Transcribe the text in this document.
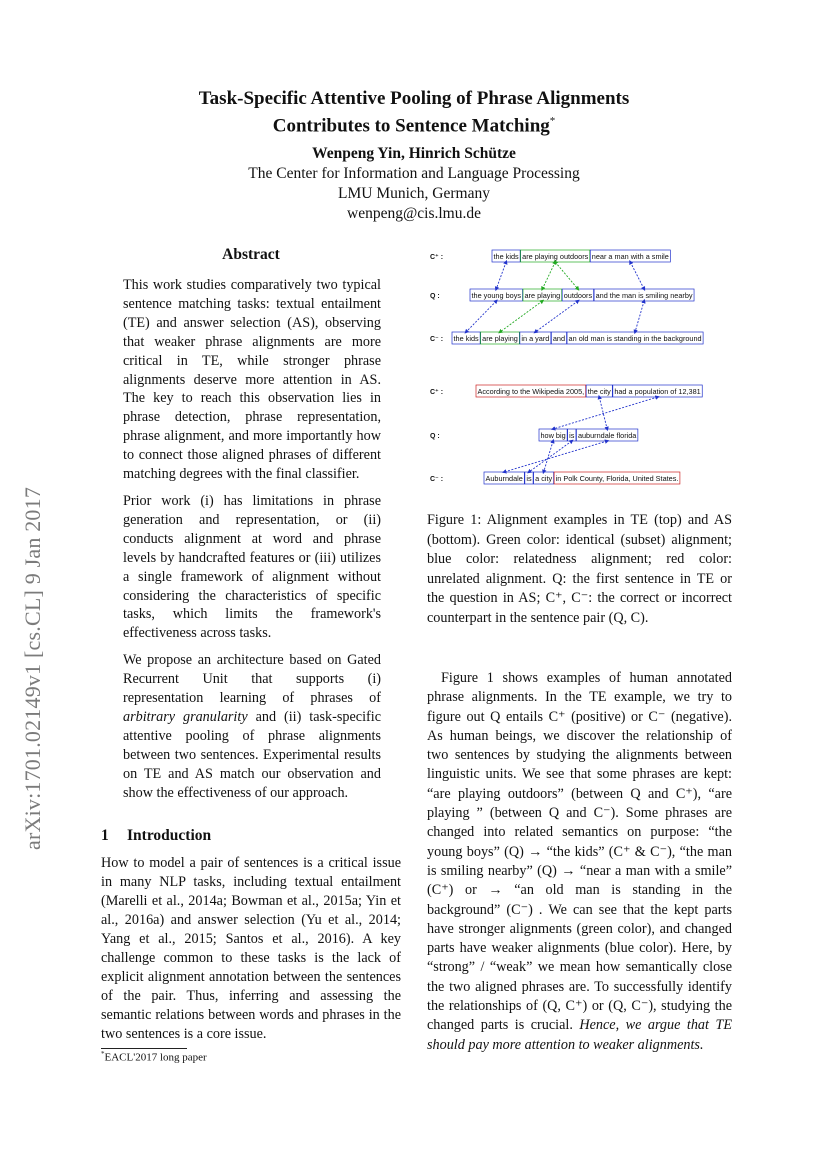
Task-Specific Attentive Pooling of Phrase Alignments
Contributes to Sentence Matching*
Wenpeng Yin, Hinrich Schütze
The Center for Information and Language Processing
LMU Munich, Germany
wenpeng@cis.lmu.de
arXiv:1701.02149v1 [cs.CL] 9 Jan 2017
Abstract

This work studies comparatively two typical sentence matching tasks: textual entailment (TE) and answer selection (AS), observing that weaker phrase alignments are more critical in TE, while stronger phrase alignments deserve more attention in AS. The key to reach this observation lies in phrase detection, phrase representation, phrase alignment, and more importantly how to connect those aligned phrases of different matching degrees with the final classifier.

Prior work (i) has limitations in phrase generation and representation, or (ii) conducts alignment at word and phrase levels by handcrafted features or (iii) utilizes a single framework of alignment without considering the characteristics of specific tasks, which limits the framework's effectiveness across tasks.

We propose an architecture based on Gated Recurrent Unit that supports (i) representation learning of phrases of arbitrary granularity and (ii) task-specific attentive pooling of phrase alignments between two sentences. Experimental results on TE and AS match our observation and show the effectiveness of our approach.

1 Introduction
How to model a pair of sentences is a critical issue in many NLP tasks, including textual entailment (Marelli et al., 2014a; Bowman et al., 2015a; Yin et al., 2016a) and answer selection (Yu et al., 2014; Yang et al., 2015; Santos et al., 2016). A key challenge common to these tasks is the lack of explicit alignment annotation between the sentences of the pair. Thus, inferring and assessing the semantic relations between words and phrases in the two sentences is a core issue.
*EACL'2017 long paper
C⁺ :
Q :
C⁻ :
C⁺ :
Q :
C⁻ :
the kids are playing outdoors near a man with a smile
the young boys are playing outdoors and the man is smiling nearby
the kids are playing in a yard and an old man is standing in the background
According to the Wikipedia 2005, the city had a population of 12,381
how big is auburndale florida
Auburndale is a city in Polk County, Florida, United States.
Figure 1: Alignment examples in TE (top) and AS (bottom). Green color: identical (subset) alignment; blue color: relatedness alignment; red color: unrelated alignment. Q: the first sentence in TE or the question in AS; C⁺, C⁻: the correct or incorrect counterpart in the sentence pair (Q, C).

Figure 1 shows examples of human annotated phrase alignments. In the TE example, we try to figure out Q entails C⁺ (positive) or C⁻ (negative). As human beings, we discover the relationship of two sentences by studying the alignments between linguistic units. We see that some phrases are kept: “are playing outdoors” (between Q and C⁺), “are playing ” (between Q and C⁻). Some phrases are changed into related semantics on purpose: “the young boys” (Q) → “the kids” (C⁺ & C⁻), “the man is smiling nearby” (Q) → “near a man with a smile” (C⁺) or → “an old man is standing in the background” (C⁻) . We can see that the kept parts have stronger alignments (green color), and changed parts have weaker alignments (blue color). Here, by “strong” / “weak” we mean how semantically close the two aligned phrases are. To successfully identify the relationships of (Q, C⁺) or (Q, C⁻), studying the changed parts is crucial. Hence, we argue that TE should pay more attention to weaker alignments.
